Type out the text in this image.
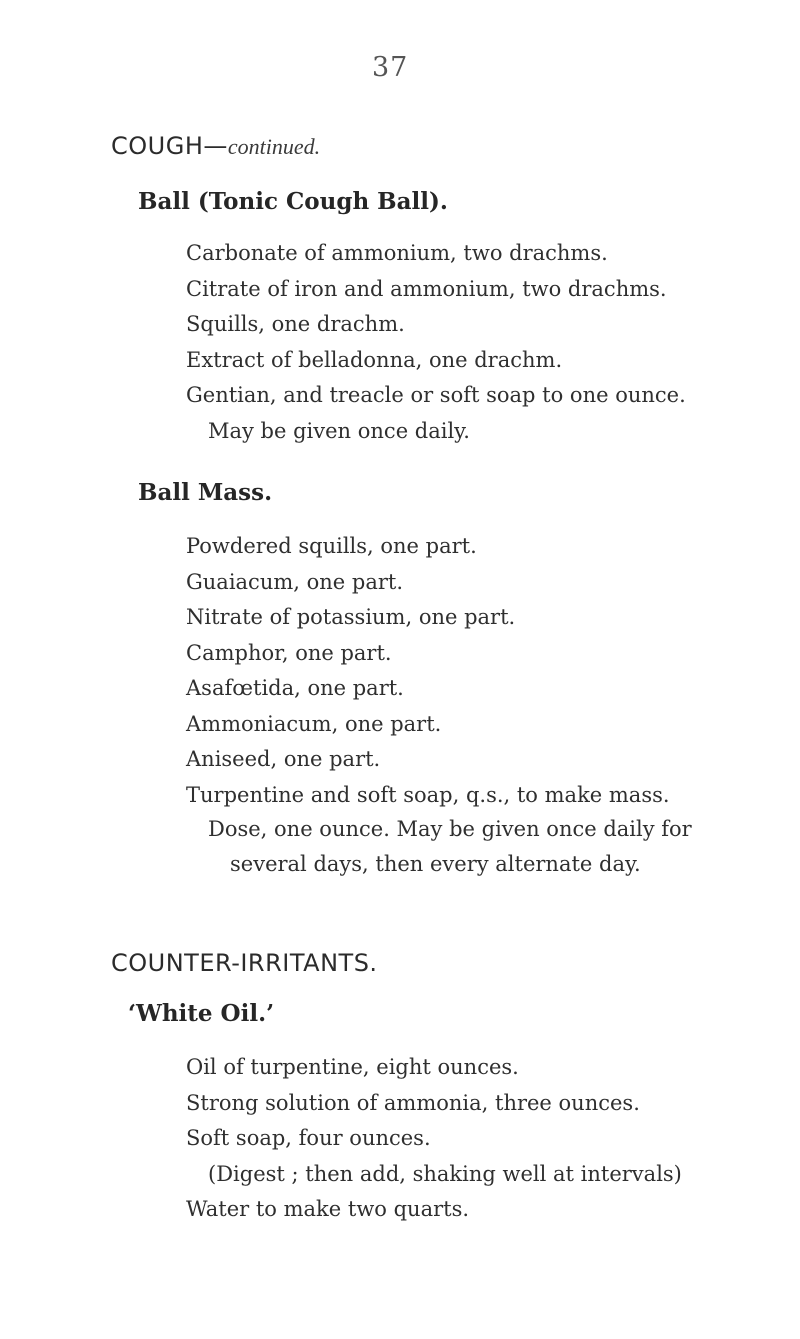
37
COUGH—continued.
Ball (Tonic Cough Ball).
Carbonate of ammonium, two drachms.
Citrate of iron and ammonium, two drachms.
Squills, one drachm.
Extract of belladonna, one drachm.
Gentian, and treacle or soft soap to one ounce.
May be given once daily.
Ball Mass.
Powdered squills, one part.
Guaiacum, one part.
Nitrate of potassium, one part.
Camphor, one part.
Asafœtida, one part.
Ammoniacum, one part.
Aniseed, one part.
Turpentine and soft soap, q.s., to make mass.
Dose, one ounce. May be given once daily for
several days, then every alternate day.
COUNTER-IRRITANTS.
‘White Oil.’
Oil of turpentine, eight ounces.
Strong solution of ammonia, three ounces.
Soft soap, four ounces.
(Digest ; then add, shaking well at intervals)
Water to make two quarts.
